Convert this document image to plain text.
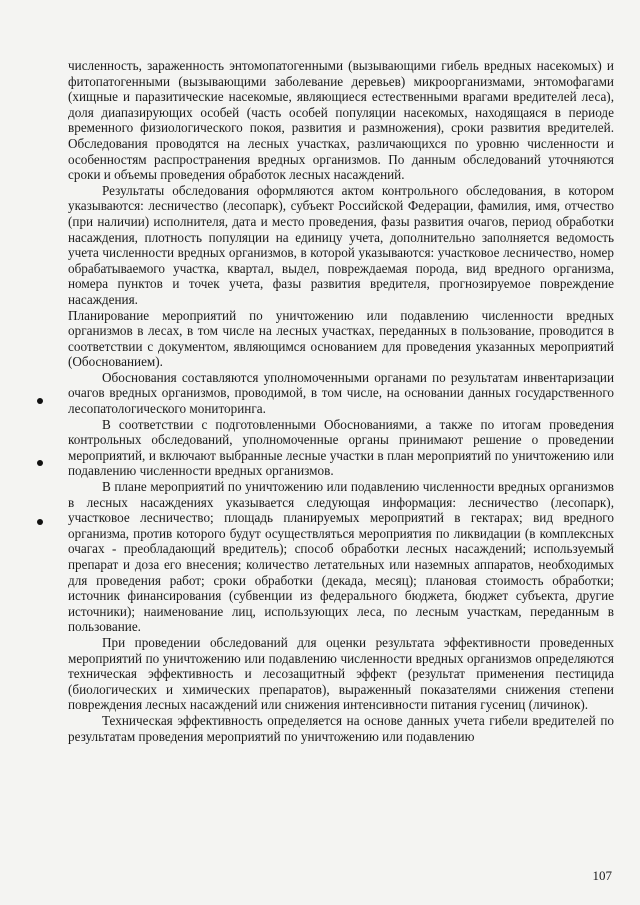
численность, зараженность энтомопатогенными (вызывающими гибель вредных насекомых) и фитопатогенными (вызывающими заболевание деревьев) микроорганизмами, энтомофагами (хищные и паразитические насекомые, являющиеся естественными врагами вредителей леса), доля диапазирующих особей (часть особей популяции насекомых, находящаяся в периоде временного физиологического покоя, развития и размножения), сроки развития вредителей. Обследования проводятся на лесных участках, различающихся по уровню численности и особенностям распространения вредных организмов. По данным обследований уточняются сроки и объемы проведения обработок лесных насаждений.

Результаты обследования оформляются актом контрольного обследования, в котором указываются: лесничество (лесопарк), субъект Российской Федерации, фамилия, имя, отчество (при наличии) исполнителя, дата и место проведения, фазы развития очагов, период обработки насаждения, плотность популяции на единицу учета, дополнительно заполняется ведомость учета численности вредных организмов, в которой указываются: участковое лесничество, номер обрабатываемого участка, квартал, выдел, повреждаемая порода, вид вредного организма, номера пунктов и точек учета, фазы развития вредителя, прогнозируемое повреждение насаждения.

Планирование мероприятий по уничтожению или подавлению численности вредных организмов в лесах, в том числе на лесных участках, переданных в пользование, проводится в соответствии с документом, являющимся основанием для проведения указанных мероприятий (Обоснованием).

Обоснования составляются уполномоченными органами по результатам инвентаризации очагов вредных организмов, проводимой, в том числе, на основании данных государственного лесопатологического мониторинга.

В соответствии с подготовленными Обоснованиями, а также по итогам проведения контрольных обследований, уполномоченные органы принимают решение о проведении мероприятий, и включают выбранные лесные участки в план мероприятий по уничтожению или подавлению численности вредных организмов.

В плане мероприятий по уничтожению или подавлению численности вредных организмов в лесных насаждениях указывается следующая информация: лесничество (лесопарк), участковое лесничество; площадь планируемых мероприятий в гектарах; вид вредного организма, против которого будут осуществляться мероприятия по ликвидации (в комплексных очагах - преобладающий вредитель); способ обработки лесных насаждений; используемый препарат и доза его внесения; количество летательных или наземных аппаратов, необходимых для проведения работ; сроки обработки (декада, месяц); плановая стоимость обработки; источник финансирования (субвенции из федерального бюджета, бюджет субъекта, другие источники); наименование лиц, использующих леса, по лесным участкам, переданным в пользование.

При проведении обследований для оценки результата эффективности проведенных мероприятий по уничтожению или подавлению численности вредных организмов определяются техническая эффективность и лесозащитный эффект (результат применения пестицида (биологических и химических препаратов), выраженный показателями снижения степени повреждения лесных насаждений или снижения интенсивности питания гусениц (личинок).

Техническая эффективность определяется на основе данных учета гибели вредителей по результатам проведения мероприятий по уничтожению или подавлению

107
